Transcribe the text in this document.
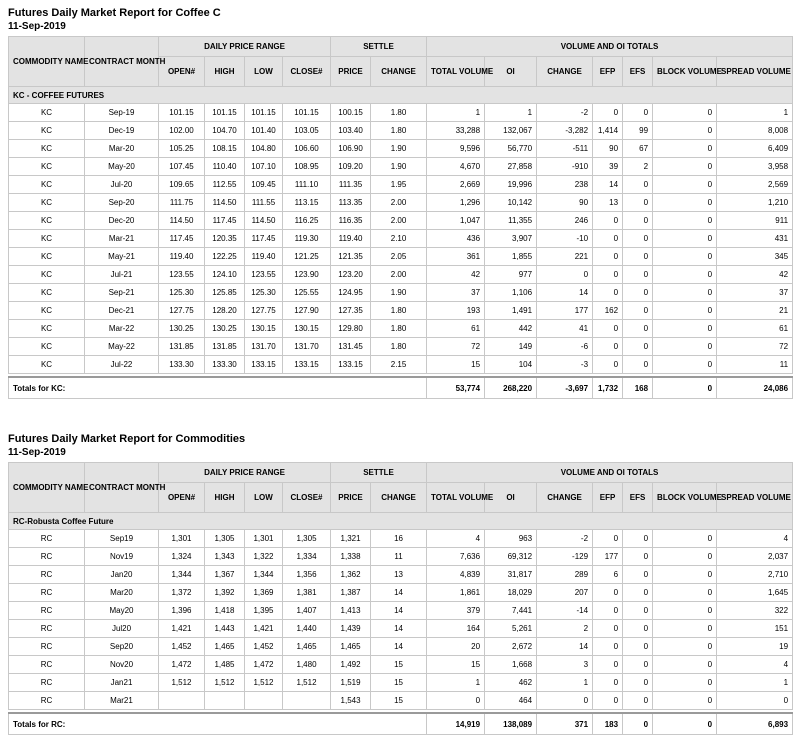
Futures Daily Market Report for Coffee C
11-Sep-2019
COMMODITY NAME	CONTRACT MONTH	DAILY PRICE RANGE				SETTLE		VOLUME AND OI TOTALS						
		OPEN#	HIGH	LOW	CLOSE#	PRICE	CHANGE	TOTAL VOLUME	OI	CHANGE	EFP	EFS	BLOCK VOLUME	SPREAD VOLUME
KC - COFFEE FUTURES														
KC	Sep-19	101.15	101.15	101.15	101.15	100.15	1.80	1	1	-2	0	0	0	1
KC	Dec-19	102.00	104.70	101.40	103.05	103.40	1.80	33,288	132,067	-3,282	1,414	99	0	8,008
KC	Mar-20	105.25	108.15	104.80	106.60	106.90	1.90	9,596	56,770	-511	90	67	0	6,409
KC	May-20	107.45	110.40	107.10	108.95	109.20	1.90	4,670	27,858	-910	39	2	0	3,958
KC	Jul-20	109.65	112.55	109.45	111.10	111.35	1.95	2,669	19,996	238	14	0	0	2,569
KC	Sep-20	111.75	114.50	111.55	113.15	113.35	2.00	1,296	10,142	90	13	0	0	1,210
KC	Dec-20	114.50	117.45	114.50	116.25	116.35	2.00	1,047	11,355	246	0	0	0	911
KC	Mar-21	117.45	120.35	117.45	119.30	119.40	2.10	436	3,907	-10	0	0	0	431
KC	May-21	119.40	122.25	119.40	121.25	121.35	2.05	361	1,855	221	0	0	0	345
KC	Jul-21	123.55	124.10	123.55	123.90	123.20	2.00	42	977	0	0	0	0	42
KC	Sep-21	125.30	125.85	125.30	125.55	124.95	1.90	37	1,106	14	0	0	0	37
KC	Dec-21	127.75	128.20	127.75	127.90	127.35	1.80	193	1,491	177	162	0	0	21
KC	Mar-22	130.25	130.25	130.15	130.15	129.80	1.80	61	442	41	0	0	0	61
KC	May-22	131.85	131.85	131.70	131.70	131.45	1.80	72	149	-6	0	0	0	72
KC	Jul-22	133.30	133.30	133.15	133.15	133.15	2.15	15	104	-3	0	0	0	11

Totals for KC:								53,774	268,220	-3,697	1,732	168	0	24,086
Futures Daily Market Report for Commodities
11-Sep-2019
COMMODITY NAME	CONTRACT MONTH	DAILY PRICE RANGE				SETTLE		VOLUME AND OI TOTALS						
		OPEN#	HIGH	LOW	CLOSE#	PRICE	CHANGE	TOTAL VOLUME	OI	CHANGE	EFP	EFS	BLOCK VOLUME	SPREAD VOLUME
RC-Robusta Coffee Future														
RC	Sep19	1,301	1,305	1,301	1,305	1,321	16	4	963	-2	0	0	0	4
RC	Nov19	1,324	1,343	1,322	1,334	1,338	11	7,636	69,312	-129	177	0	0	2,037
RC	Jan20	1,344	1,367	1,344	1,356	1,362	13	4,839	31,817	289	6	0	0	2,710
RC	Mar20	1,372	1,392	1,369	1,381	1,387	14	1,861	18,029	207	0	0	0	1,645
RC	May20	1,396	1,418	1,395	1,407	1,413	14	379	7,441	-14	0	0	0	322
RC	Jul20	1,421	1,443	1,421	1,440	1,439	14	164	5,261	2	0	0	0	151
RC	Sep20	1,452	1,465	1,452	1,465	1,465	14	20	2,672	14	0	0	0	19
RC	Nov20	1,472	1,485	1,472	1,480	1,492	15	15	1,668	3	0	0	0	4
RC	Jan21	1,512	1,512	1,512	1,512	1,519	15	1	462	1	0	0	0	1
RC	Mar21					1,543	15	0	464	0	0	0	0	0

Totals for RC:								14,919	138,089	371	183	0	0	6,893
